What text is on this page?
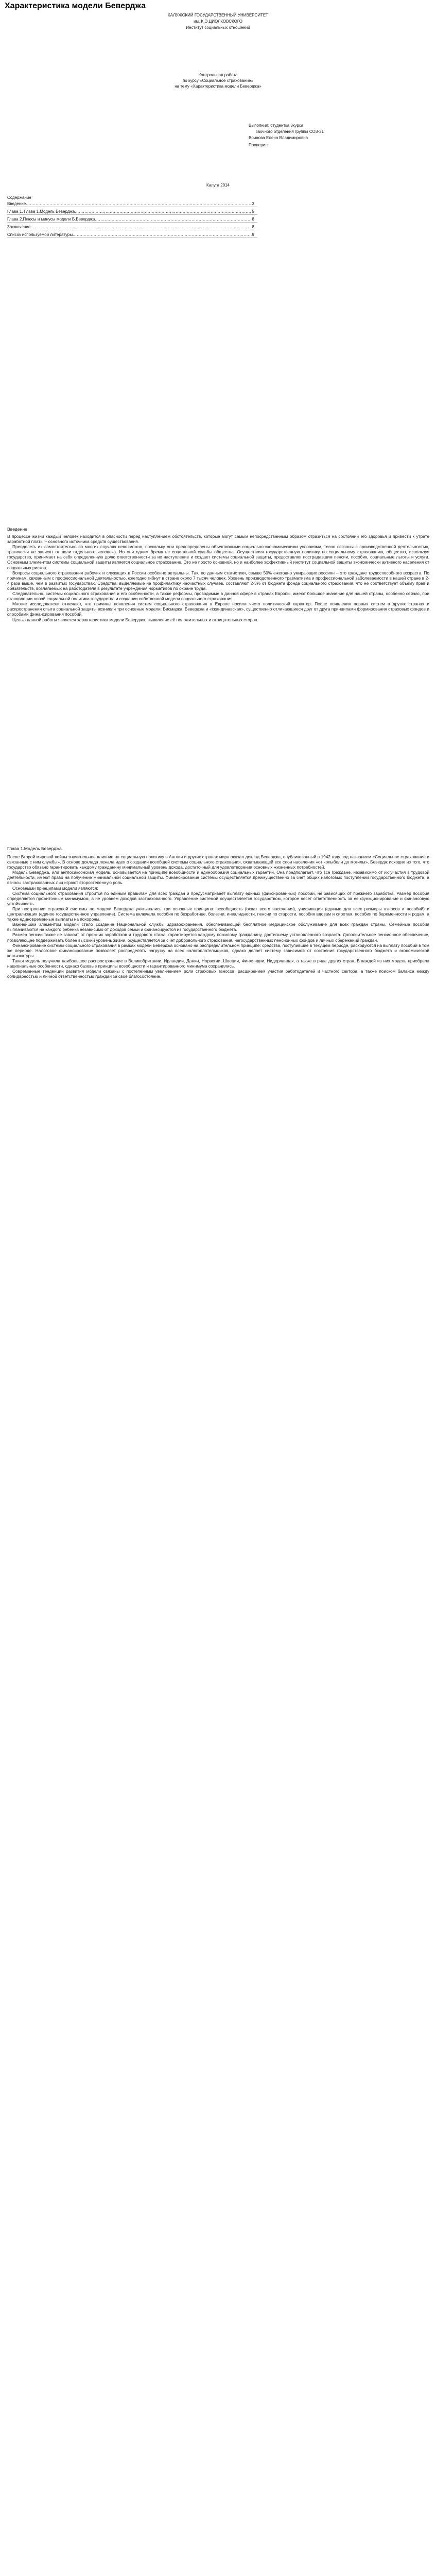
Характеристика модели Беверджа
КАЛУЖСКИЙ ГОСУДАРСТВЕННЫЙ УНИВЕРСИТЕТ
им. К.Э.ЦИОЛКОВСКОГО
Институт социальных отношений
Контрольная работа
по курсу «Социальное страхование»
на тему «Характеристика модели Беверджа»
Выполнил: студентка 3курса
заочного отделения группы СОЗ-31
Воинова Елена Владимировна
Проверил:
Калуга 2014
Содержание
Введение .....	3
Глава 1. Глава 1.Модель Беверджа .....	5
Глава 2.Плюсы и минусы модели Б.Беверджа .....	8
Заключение .....	8
Список используемой литературы .....	9
Введение

В процессе жизни каждый человек находится в опасности перед наступлением обстоятельств, которые могут самым непосредственным образом отразиться на состоянии его здоровья и привести к утрате заработной платы – основного источника средств существования.

Преодолеть их самостоятельно во многих случаях невозможно, поскольку они предопределены объективными социально-экономическими условиями, тесно связаны с производственной деятельностью, трагически не зависят от воли отдельного человека. Но они одним бремя не социальной судьбы общества. Осуществляя государственную политику по социальному страхованию, общество, используя государство, принимает на себя определенную долю ответственности за их наступление и создает системы социальной защиты, предоставляя пострадавшим пенсии, пособия, социальные льготы и услуги. Основным элементом системы социальной защиты является социальное страхование. Это не просто основной, но и наиболее эффективный институт социальной защиты экономически активного населения от социальных рисков.

Вопросы социального страхования рабочих и служащих в России особенно актуальны. Так, по данным статистики, свыше 50% ежегодно умирающих россиян – это граждане трудоспособного возраста. По причинам, связанным с профессиональной деятельностью, ежегодно гибнут в стране около 7 тысяч человек. Уровень производственного травматизма и профессиональной заболеваемости в нашей стране в 2-4 раза выше, чем в развитых государствах. Средства, выделяемые на профилактику несчастных случаев, составляют 2-3% от бюджета фонда социального страхования, что не соответствует объёму прав и обязательств, возлагаемых на работодателя в результате учреждения нормативов по охране труда.

Следовательно, системы социального страхования и его особенности, а также реформы, проводимые в данной сфере в странах Европы, имеют большое значение для нашей страны, особенно сейчас, при становлении новой социальной политики государства и создании собственной модели социального страхования.

Многие исследователи отмечают, что причины появления систем социального страхования в Европе носили чисто политический характер. После появления первых систем в других странах и распространения опыта социальной защиты возникли три основные модели: Бисмарка, Беверджа и «скандинавская», существенно отличающиеся друг от друга принципами формирования страховых фондов и способами финансирования пособий.

Целью данной работы является характеристика модели Беверджа, выявление её положительных и отрицательных сторон.

Глава 1.Модель Беверджа.

После Второй мировой войны значительное влияние на социальную политику в Англии и других странах мира оказал доклад Беверджа, опубликованный в 1942 году под названием «Социальное страхование и связанные с ним службы». В основе доклада лежала идея о создании всеобщей системы социального страхования, охватывающей все слои населения «от колыбели до могилы». Бевердж исходил из того, что государство обязано гарантировать каждому гражданину минимальный уровень дохода, достаточный для удовлетворения основных жизненных потребностей.

Модель Беверджа, или англосаксонская модель, основывается на принципе всеобщности и единообразия социальных гарантий. Она предполагает, что все граждане, независимо от их участия в трудовой деятельности, имеют право на получение минимальной социальной защиты. Финансирование системы осуществляется преимущественно за счет общих налоговых поступлений государственного бюджета, а взносы застрахованных лиц играют второстепенную роль.

Основными принципами модели являются:

Система социального страхования строится по единым правилам для всех граждан и предусматривает выплату единых (фиксированных) пособий, не зависящих от прежнего заработка. Размер пособия определяется прожиточным минимумом, а не уровнем доходов застрахованного. Управление системой осуществляется государством, которое несет ответственность за ее функционирование и финансовую устойчивость.

При построении страховой системы по модели Беверджа учитывались три основных принципа: всеобщность (охват всего населения), унификация (единые для всех размеры взносов и пособий) и централизация (единое государственное управление). Система включала пособия по безработице, болезни, инвалидности, пенсии по старости, пособия вдовам и сиротам, пособия по беременности и родам, а также единовременные выплаты на похороны.

Важнейшим элементом модели стало создание Национальной службы здравоохранения, обеспечивающей бесплатное медицинское обслуживание для всех граждан страны. Семейные пособия выплачиваются на каждого ребенка независимо от доходов семьи и финансируются из государственного бюджета.

Размер пенсии также не зависит от прежних заработков и трудового стажа, гарантируется каждому пожилому гражданину, достигшему установленного возраста. Дополнительное пенсионное обеспечение, позволяющее поддерживать более высокий уровень жизни, осуществляется за счет добровольного страхования, негосударственных пенсионных фондов и личных сбережений граждан.

Финансирование системы социального страхования в рамках модели Беверджа основано на распределительном принципе: средства, поступившие в текущем периоде, расходуются на выплату пособий в том же периоде. Налоговое финансирование позволяет распределять нагрузку на всех налогоплательщиков, однако делает систему зависимой от состояния государственного бюджета и экономической конъюнктуры.

Такая модель получила наибольшее распространение в Великобритании, Ирландии, Дании, Норвегии, Швеции, Финляндии, Нидерландах, а также в ряде других стран. В каждой из них модель приобрела национальные особенности, однако базовые принципы всеобщности и гарантированного минимума сохранились.

Современные тенденции развития модели связаны с постепенным увеличением роли страховых взносов, расширением участия работодателей и частного сектора, а также поиском баланса между солидарностью и личной ответственностью граждан за свое благосостояние.
